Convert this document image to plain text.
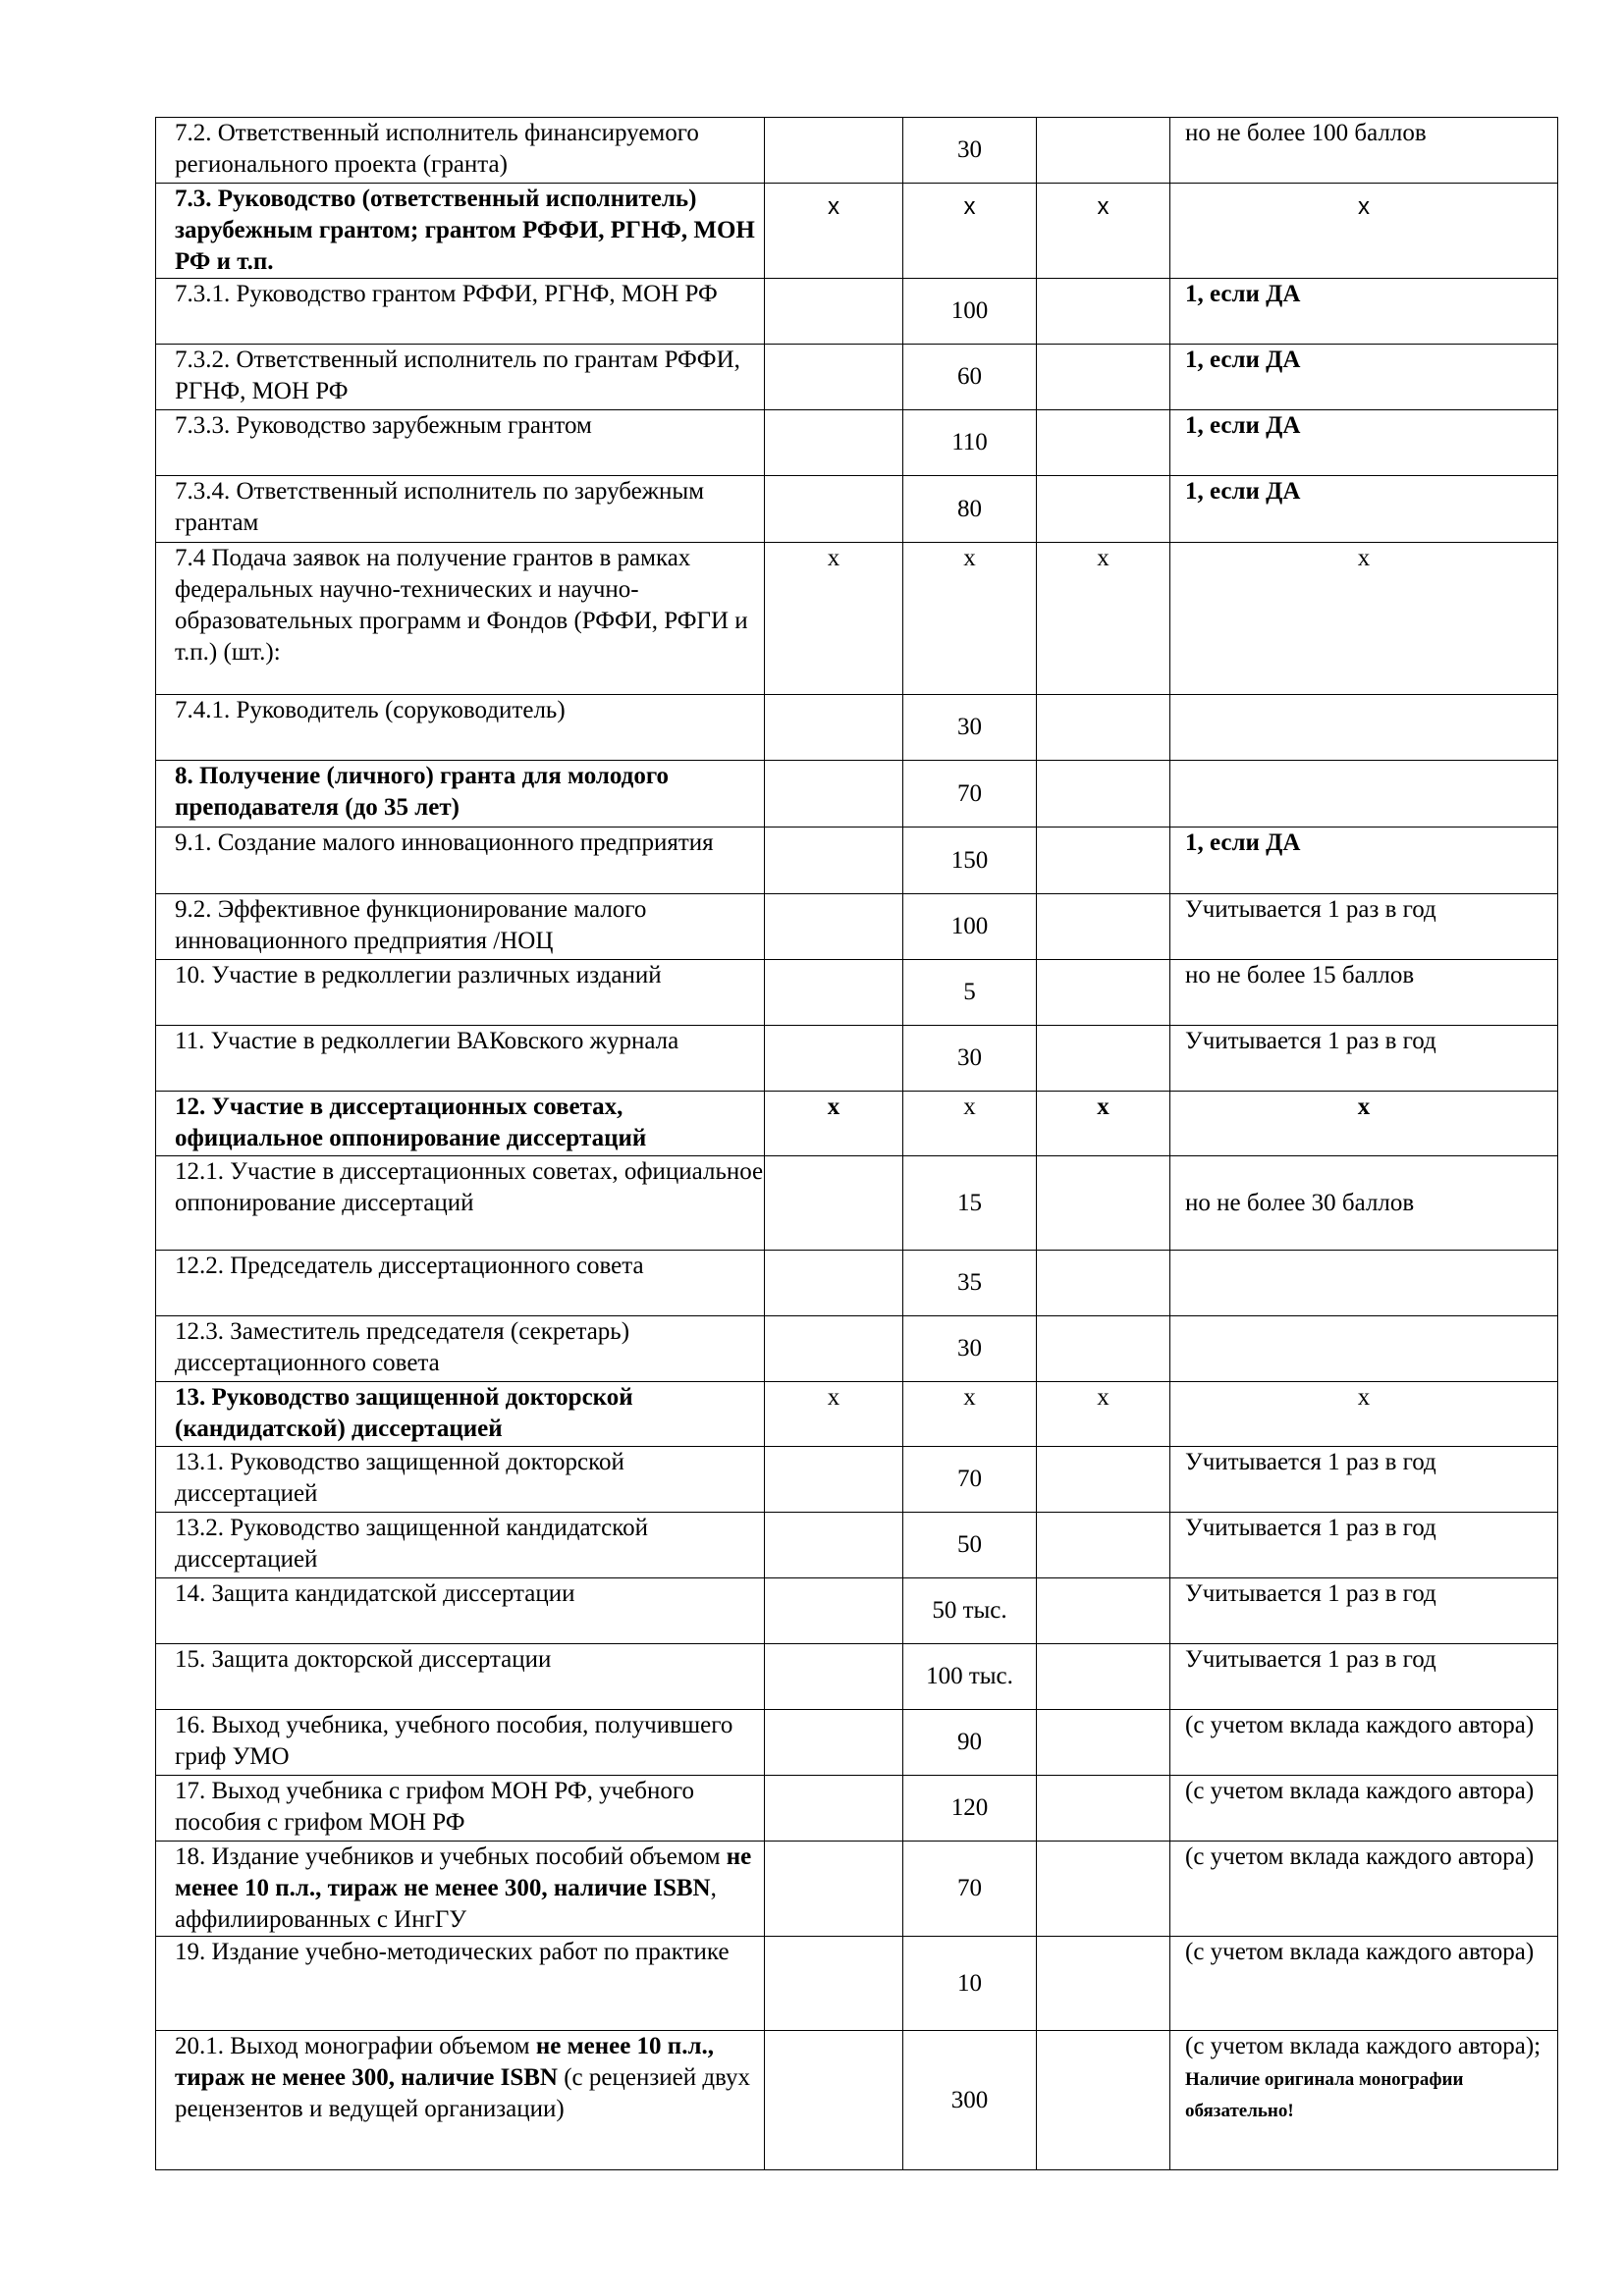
7.2. Ответственный исполнитель финансируемого регионального проекта (гранта)		30		но не более 100 баллов
7.3. Руководство (ответственный исполнитель) зарубежным грантом; грантом РФФИ, РГНФ, МОН РФ и т.п.	x	x	x	x
7.3.1. Руководство грантом РФФИ, РГНФ, МОН РФ		100		1, если ДА
7.3.2. Ответственный исполнитель по грантам РФФИ, РГНФ, МОН РФ		60		1, если ДА
7.3.3. Руководство зарубежным грантом		110		1, если ДА
7.3.4. Ответственный исполнитель по зарубежным грантам		80		1, если ДА
7.4 Подача заявок на получение грантов в рамках федеральных научно-технических и научно-образовательных программ и Фондов (РФФИ, РФГИ и т.п.) (шт.):	x	x	x	x
7.4.1. Руководитель (соруководитель)		30		
8. Получение (личного) гранта для молодого преподавателя (до 35 лет)		70		
9.1. Создание малого инновационного предприятия		150		1, если ДА
9.2. Эффективное функционирование малого инновационного предприятия /НОЦ		100		Учитывается 1 раз в год
10. Участие в редколлегии различных изданий		5		но не более 15 баллов
11. Участие в редколлегии ВАКовского журнала		30		Учитывается 1 раз в год
12. Участие в диссертационных советах, официальное оппонирование диссертаций	x	x	x	x
12.1. Участие в диссертационных советах, официальное оппонирование диссертаций		15		но не более 30 баллов
12.2. Председатель диссертационного совета		35		
12.3. Заместитель председателя (секретарь) диссертационного совета		30		
13. Руководство защищенной докторской (кандидатской) диссертацией	x	x	x	x
13.1. Руководство защищенной докторской диссертацией		70		Учитывается 1 раз в год
13.2. Руководство защищенной кандидатской диссертацией		50		Учитывается 1 раз в год
14. Защита кандидатской диссертации		50 тыс.		Учитывается 1 раз в год
15. Защита докторской диссертации		100 тыс.		Учитывается 1 раз в год
16. Выход учебника, учебного пособия, получившего гриф УМО		90		(с учетом вклада каждого автора)
17. Выход учебника с грифом МОН РФ, учебного пособия с грифом МОН РФ		120		(с учетом вклада каждого автора)
18. Издание учебников и учебных пособий объемом не менее 10 п.л., тираж не менее 300, наличие ISBN, аффилиированных с ИнгГУ		70		(с учетом вклада каждого автора)
19. Издание учебно-методических работ по практике		10		(с учетом вклада каждого автора)
20.1. Выход монографии объемом не менее 10 п.л., тираж не менее 300, наличие ISBN (с рецензией двух рецензентов и ведущей организации)		300		(с учетом вклада каждого автора); Наличие оригинала монографии обязательно!
